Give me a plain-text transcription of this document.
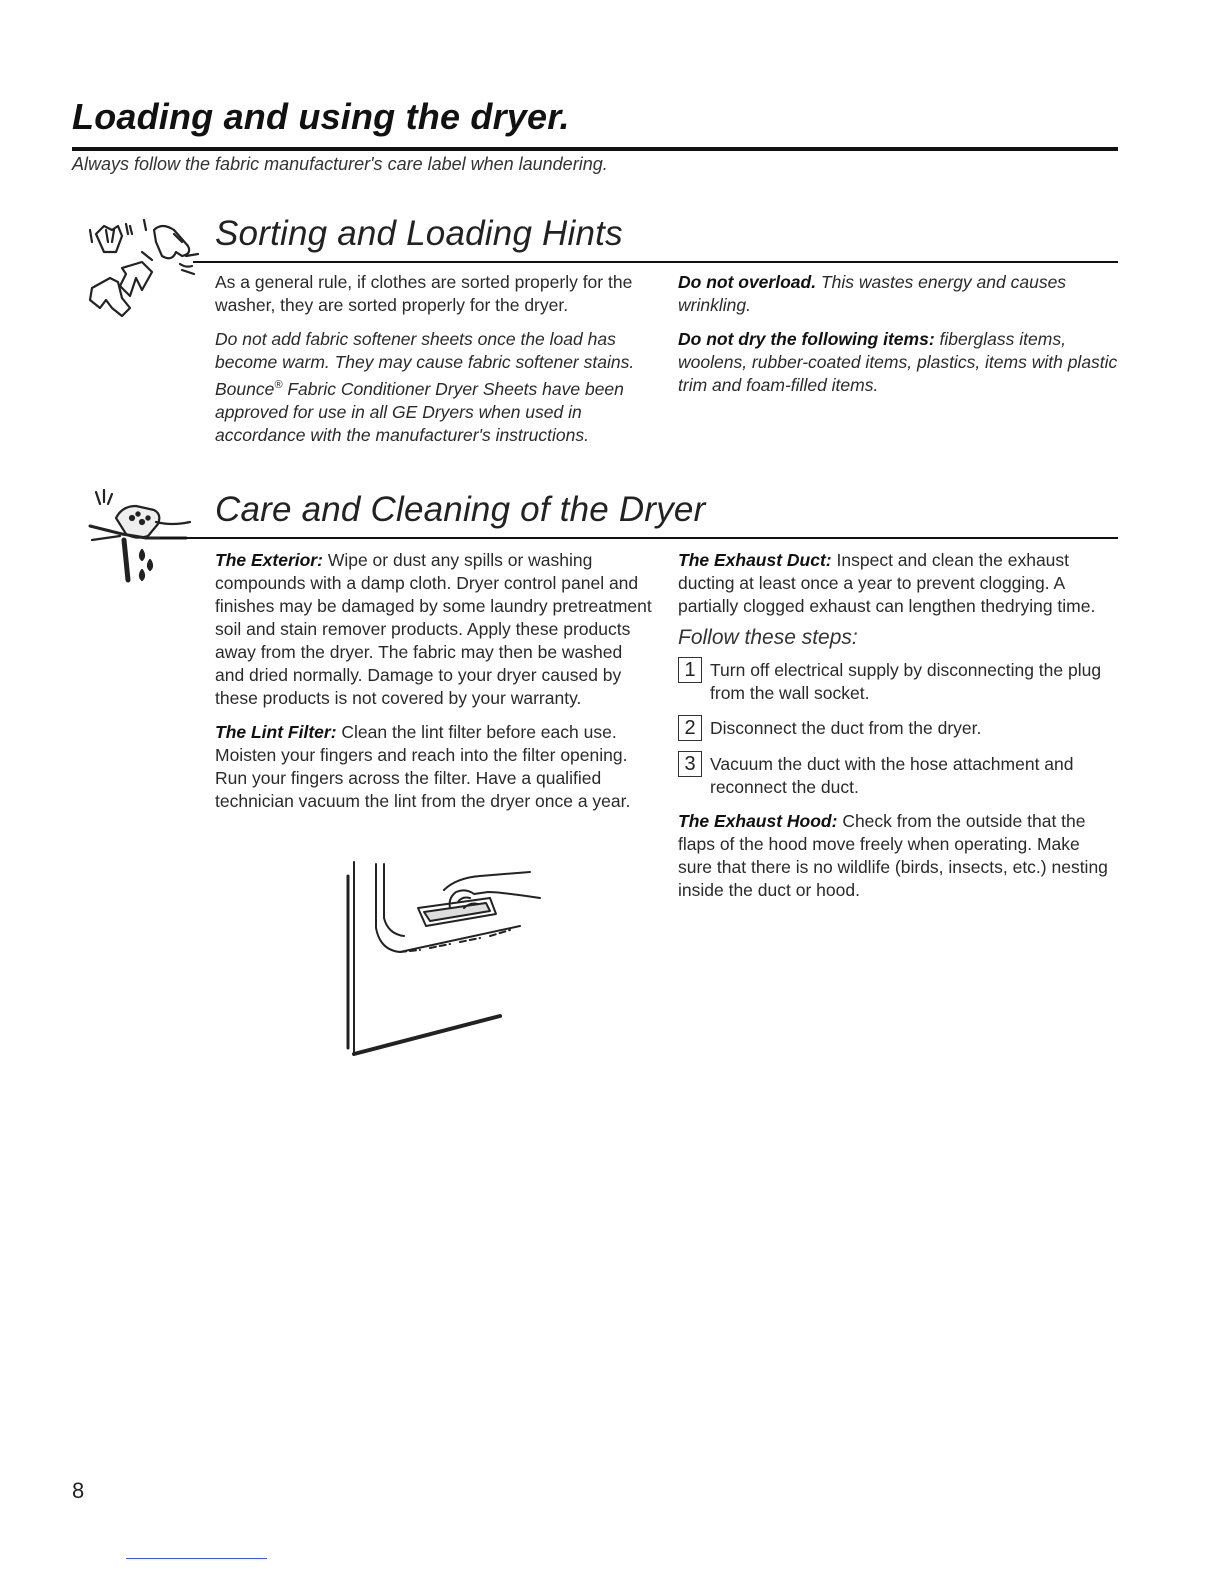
Loading and using the dryer.

Always follow the fabric manufacturer's care label when laundering.

Sorting and Loading Hints

As a general rule, if clothes are sorted properly for the washer, they are sorted properly for the dryer.

Do not add fabric softener sheets once the load has become warm. They may cause fabric softener stains. Bounce® Fabric Conditioner Dryer Sheets have been approved for use in all GE Dryers when used in accordance with the manufacturer's instructions.

Do not overload. This wastes energy and causes wrinkling.

Do not dry the following items: fiberglass items, woolens, rubber-coated items, plastics, items with plastic trim and foam-filled items.

Care and Cleaning of the Dryer

The Exterior: Wipe or dust any spills or washing compounds with a damp cloth. Dryer control panel and finishes may be damaged by some laundry pretreatment soil and stain remover products. Apply these products away from the dryer. The fabric may then be washed and dried normally. Damage to your dryer caused by these products is not covered by your warranty.

The Lint Filter: Clean the lint filter before each use. Moisten your fingers and reach into the filter opening. Run your fingers across the filter. Have a qualified technician vacuum the lint from the dryer once a year.

The Exhaust Duct: Inspect and clean the exhaust ducting at least once a year to prevent clogging. A partially clogged exhaust can lengthen thedrying time.

Follow these steps:

1 Turn off electrical supply by disconnecting the plug from the wall socket.
2 Disconnect the duct from the dryer.
3 Vacuum the duct with the hose attachment and reconnect the duct.

The Exhaust Hood: Check from the outside that the flaps of the hood move freely when operating. Make sure that there is no wildlife (birds, insects, etc.) nesting inside the duct or hood.

8
